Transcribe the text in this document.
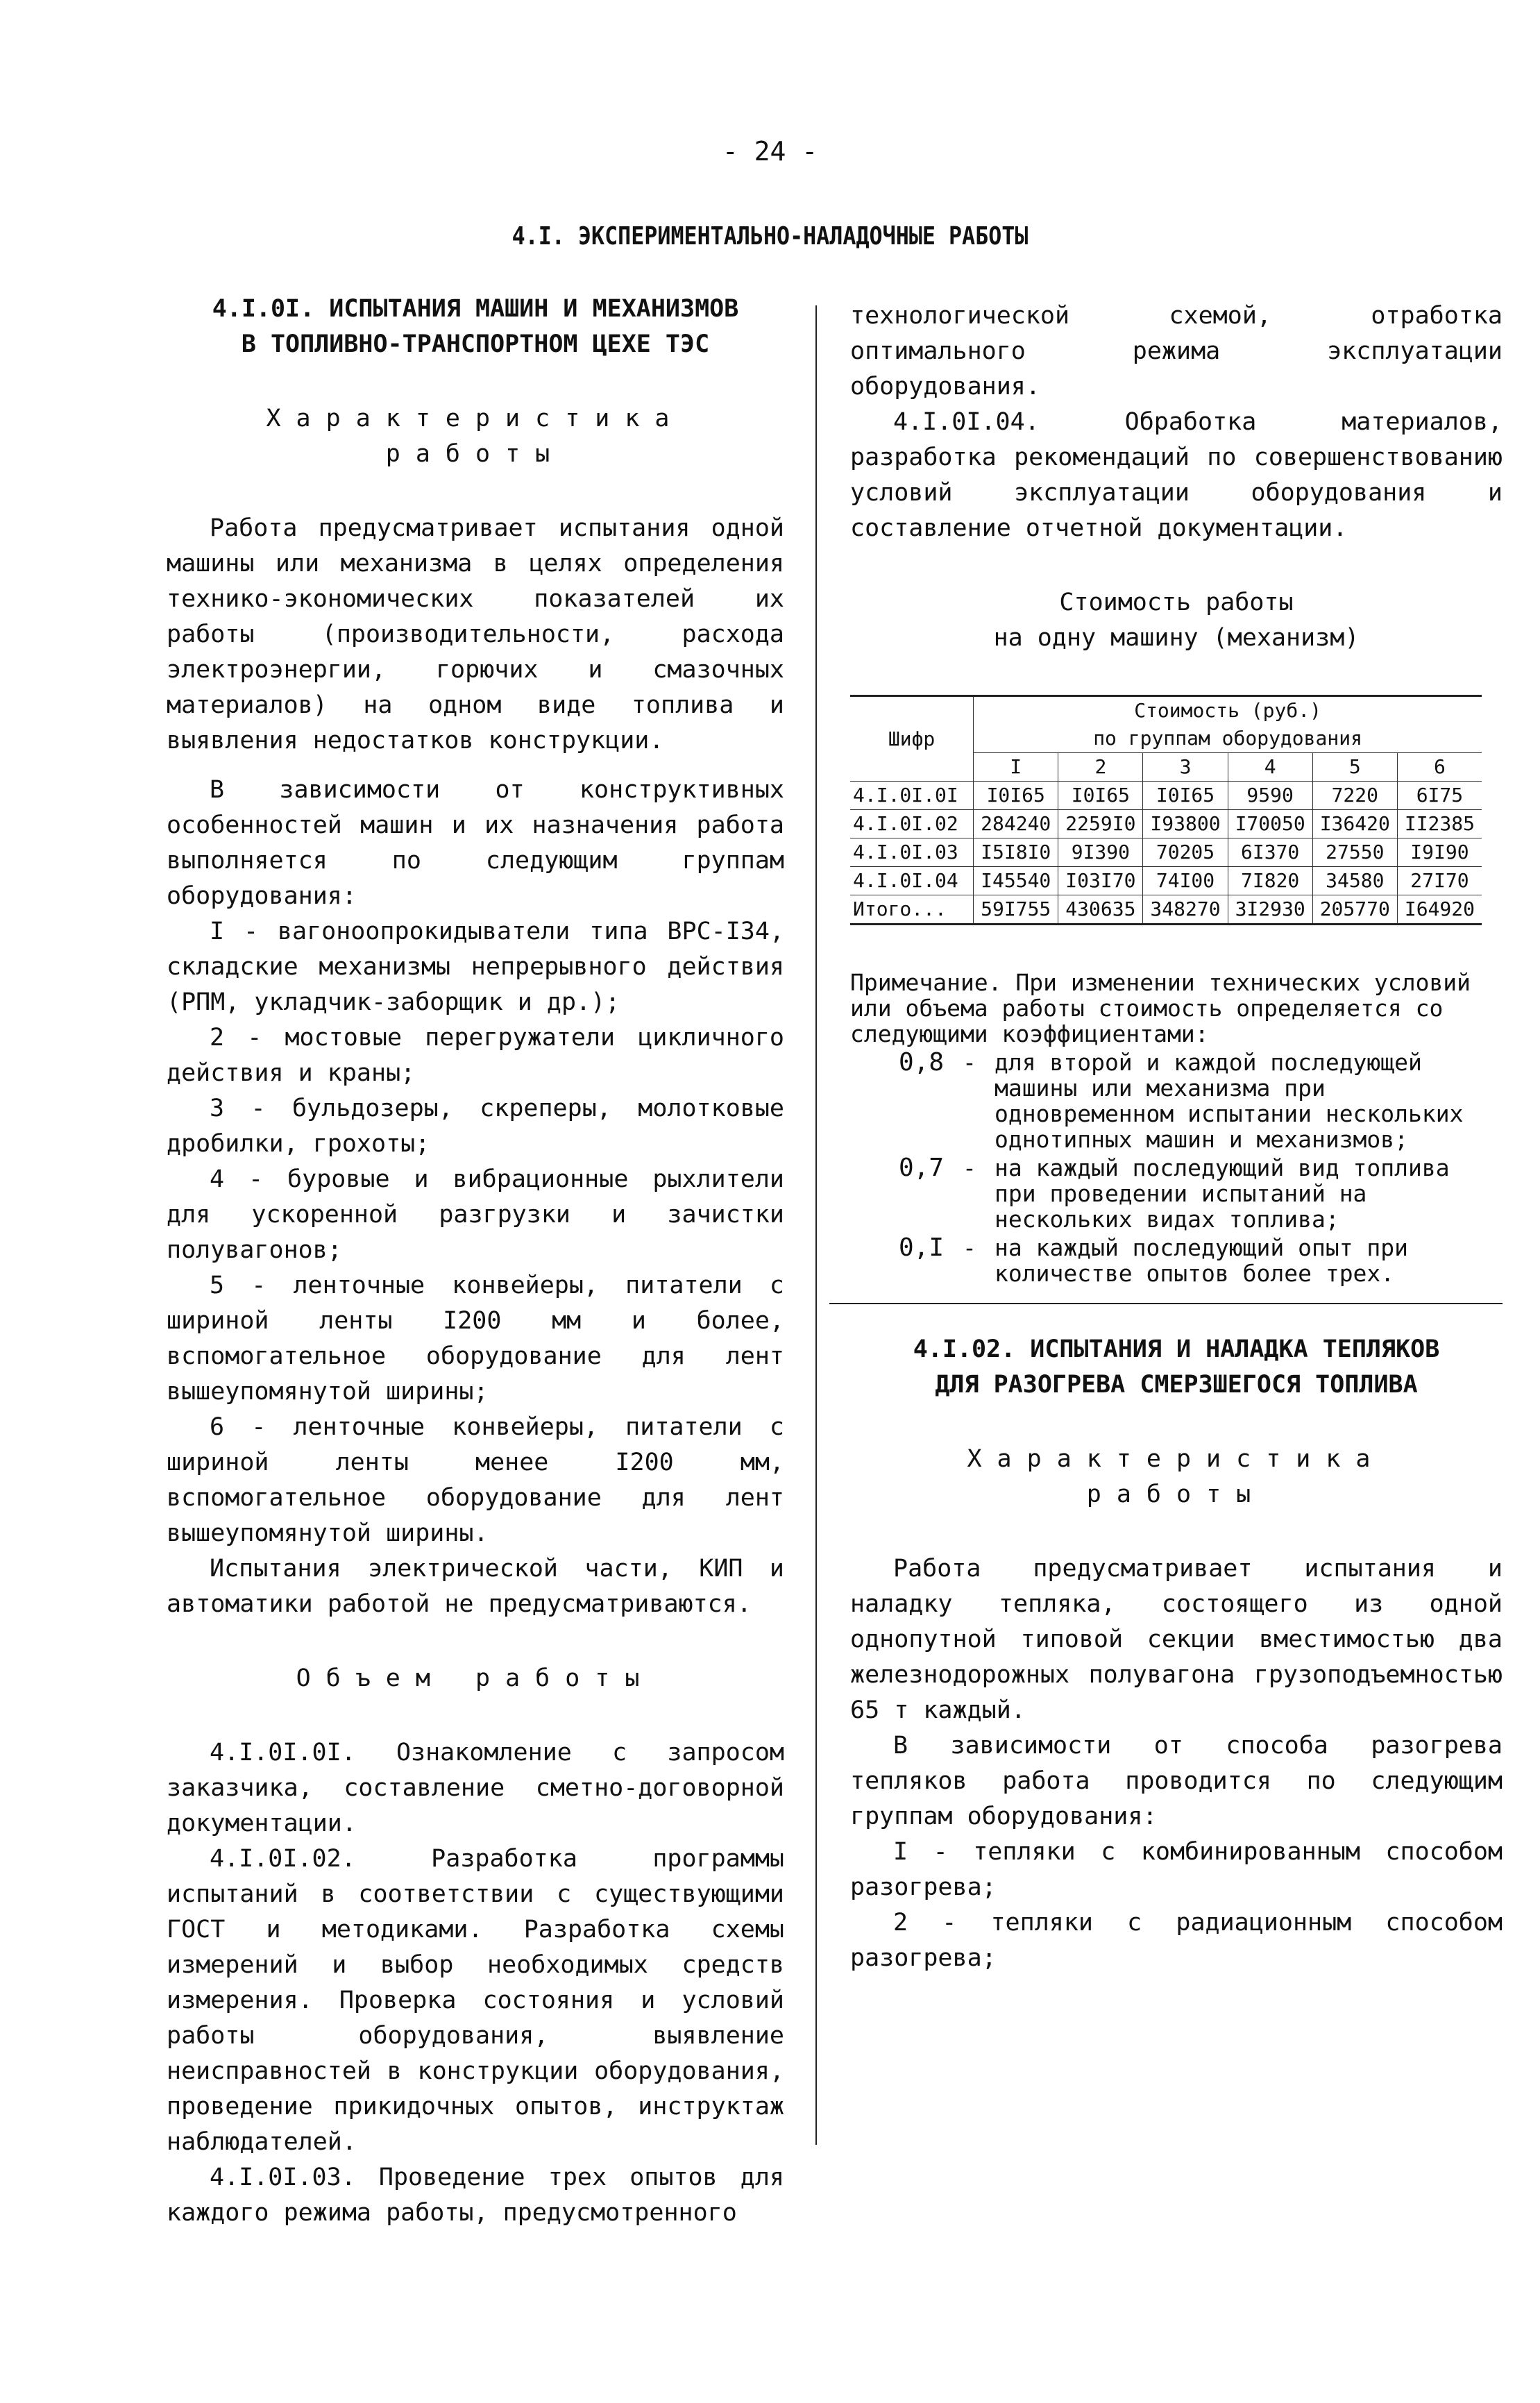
- 24 -
4.I. ЭКСПЕРИМЕНТАЛЬНО-НАЛАДОЧНЫЕ РАБОТЫ

4.I.0I. ИСПЫТАНИЯ МАШИН И МЕХАНИЗМОВ

В ТОПЛИВНО-ТРАНСПОРТНОМ ЦЕХЕ ТЭС

Характеристика

работы

Работа предусматривает испытания одной машины или механизма в целях определения технико-экономических показателей их работы (производительности, расхода электроэнергии, горючих и смазочных материалов) на одном виде топлива и выявления недостатков конструкции.

В зависимости от конструктивных особенностей машин и их назначения работа выполняется по следующим группам оборудования:

I - вагоноопрокидыватели типа ВРС-I34, складские механизмы непрерывного действия (РПМ, укладчик-заборщик и др.);

2 - мостовые перегружатели цикличного действия и краны;

3 - бульдозеры, скреперы, молотковые дробилки, грохоты;

4 - буровые и вибрационные рыхлители для ускоренной разгрузки и зачистки полувагонов;

5 - ленточные конвейеры, питатели с шириной ленты I200 мм и более, вспомогательное оборудование для лент вышеупомянутой ширины;

6 - ленточные конвейеры, питатели с шириной ленты менее I200 мм, вспомогательное оборудование для лент вышеупомянутой ширины.

Испытания электрической части, КИП и автоматики работой не предусматриваются.

Объем работы

4.I.0I.0I. Ознакомление с запросом заказчика, составление сметно-договорной документации.

4.I.0I.02. Разработка программы испытаний в соответствии с существующими ГОСТ и методиками. Разработка схемы измерений и выбор необходимых средств измерения. Проверка состояния и условий работы оборудования, выявление неисправностей в конструкции оборудования, проведение прикидочных опытов, инструктаж наблюдателей.

4.I.0I.03. Проведение трех опытов для каждого режима работы, предусмотренного

технологической схемой, отработка оптимального режима эксплуатации оборудования.

4.I.0I.04. Обработка материалов, разработка рекомендаций по совершенствованию условий эксплуатации оборудования и составление отчетной документации.

Стоимость работы

на одну машину (механизм)

Шифр	Стоимость (руб.)
по группам оборудования					
	I	2	3	4	5	6
4.I.0I.0I	I0I65	I0I65	I0I65	9590	7220	6I75
4.I.0I.02	284240	2259I0	I93800	I70050	I36420	II2385
4.I.0I.03	I5I8I0	9I390	70205	6I370	27550	I9I90
4.I.0I.04	I45540	I03I70	74I00	7I820	34580	27I70
Итого...	59I755	430635	348270	3I2930	205770	I64920

Примечание. При изменении технических условий или объема работы стоимость определяется со следующими коэффициентами:

0,8 - для второй и каждой последующей машины или механизма при одновременном испытании нескольких однотипных машин и механизмов;
0,7 - на каждый последующий вид топлива при проведении испытаний на нескольких видах топлива;
0,I - на каждый последующий опыт при количестве опытов более трех.

4.I.02. ИСПЫТАНИЯ И НАЛАДКА ТЕПЛЯКОВ

ДЛЯ РАЗОГРЕВА СМЕРЗШЕГОСЯ ТОПЛИВА

Характеристика

работы

Работа предусматривает испытания и наладку тепляка, состоящего из одной однопутной типовой секции вместимостью два железнодорожных полувагона грузоподъемностью 65 т каждый.

В зависимости от способа разогрева тепляков работа проводится по следующим группам оборудования:

I - тепляки с комбинированным способом разогрева;

2 - тепляки с радиационным способом разогрева;
